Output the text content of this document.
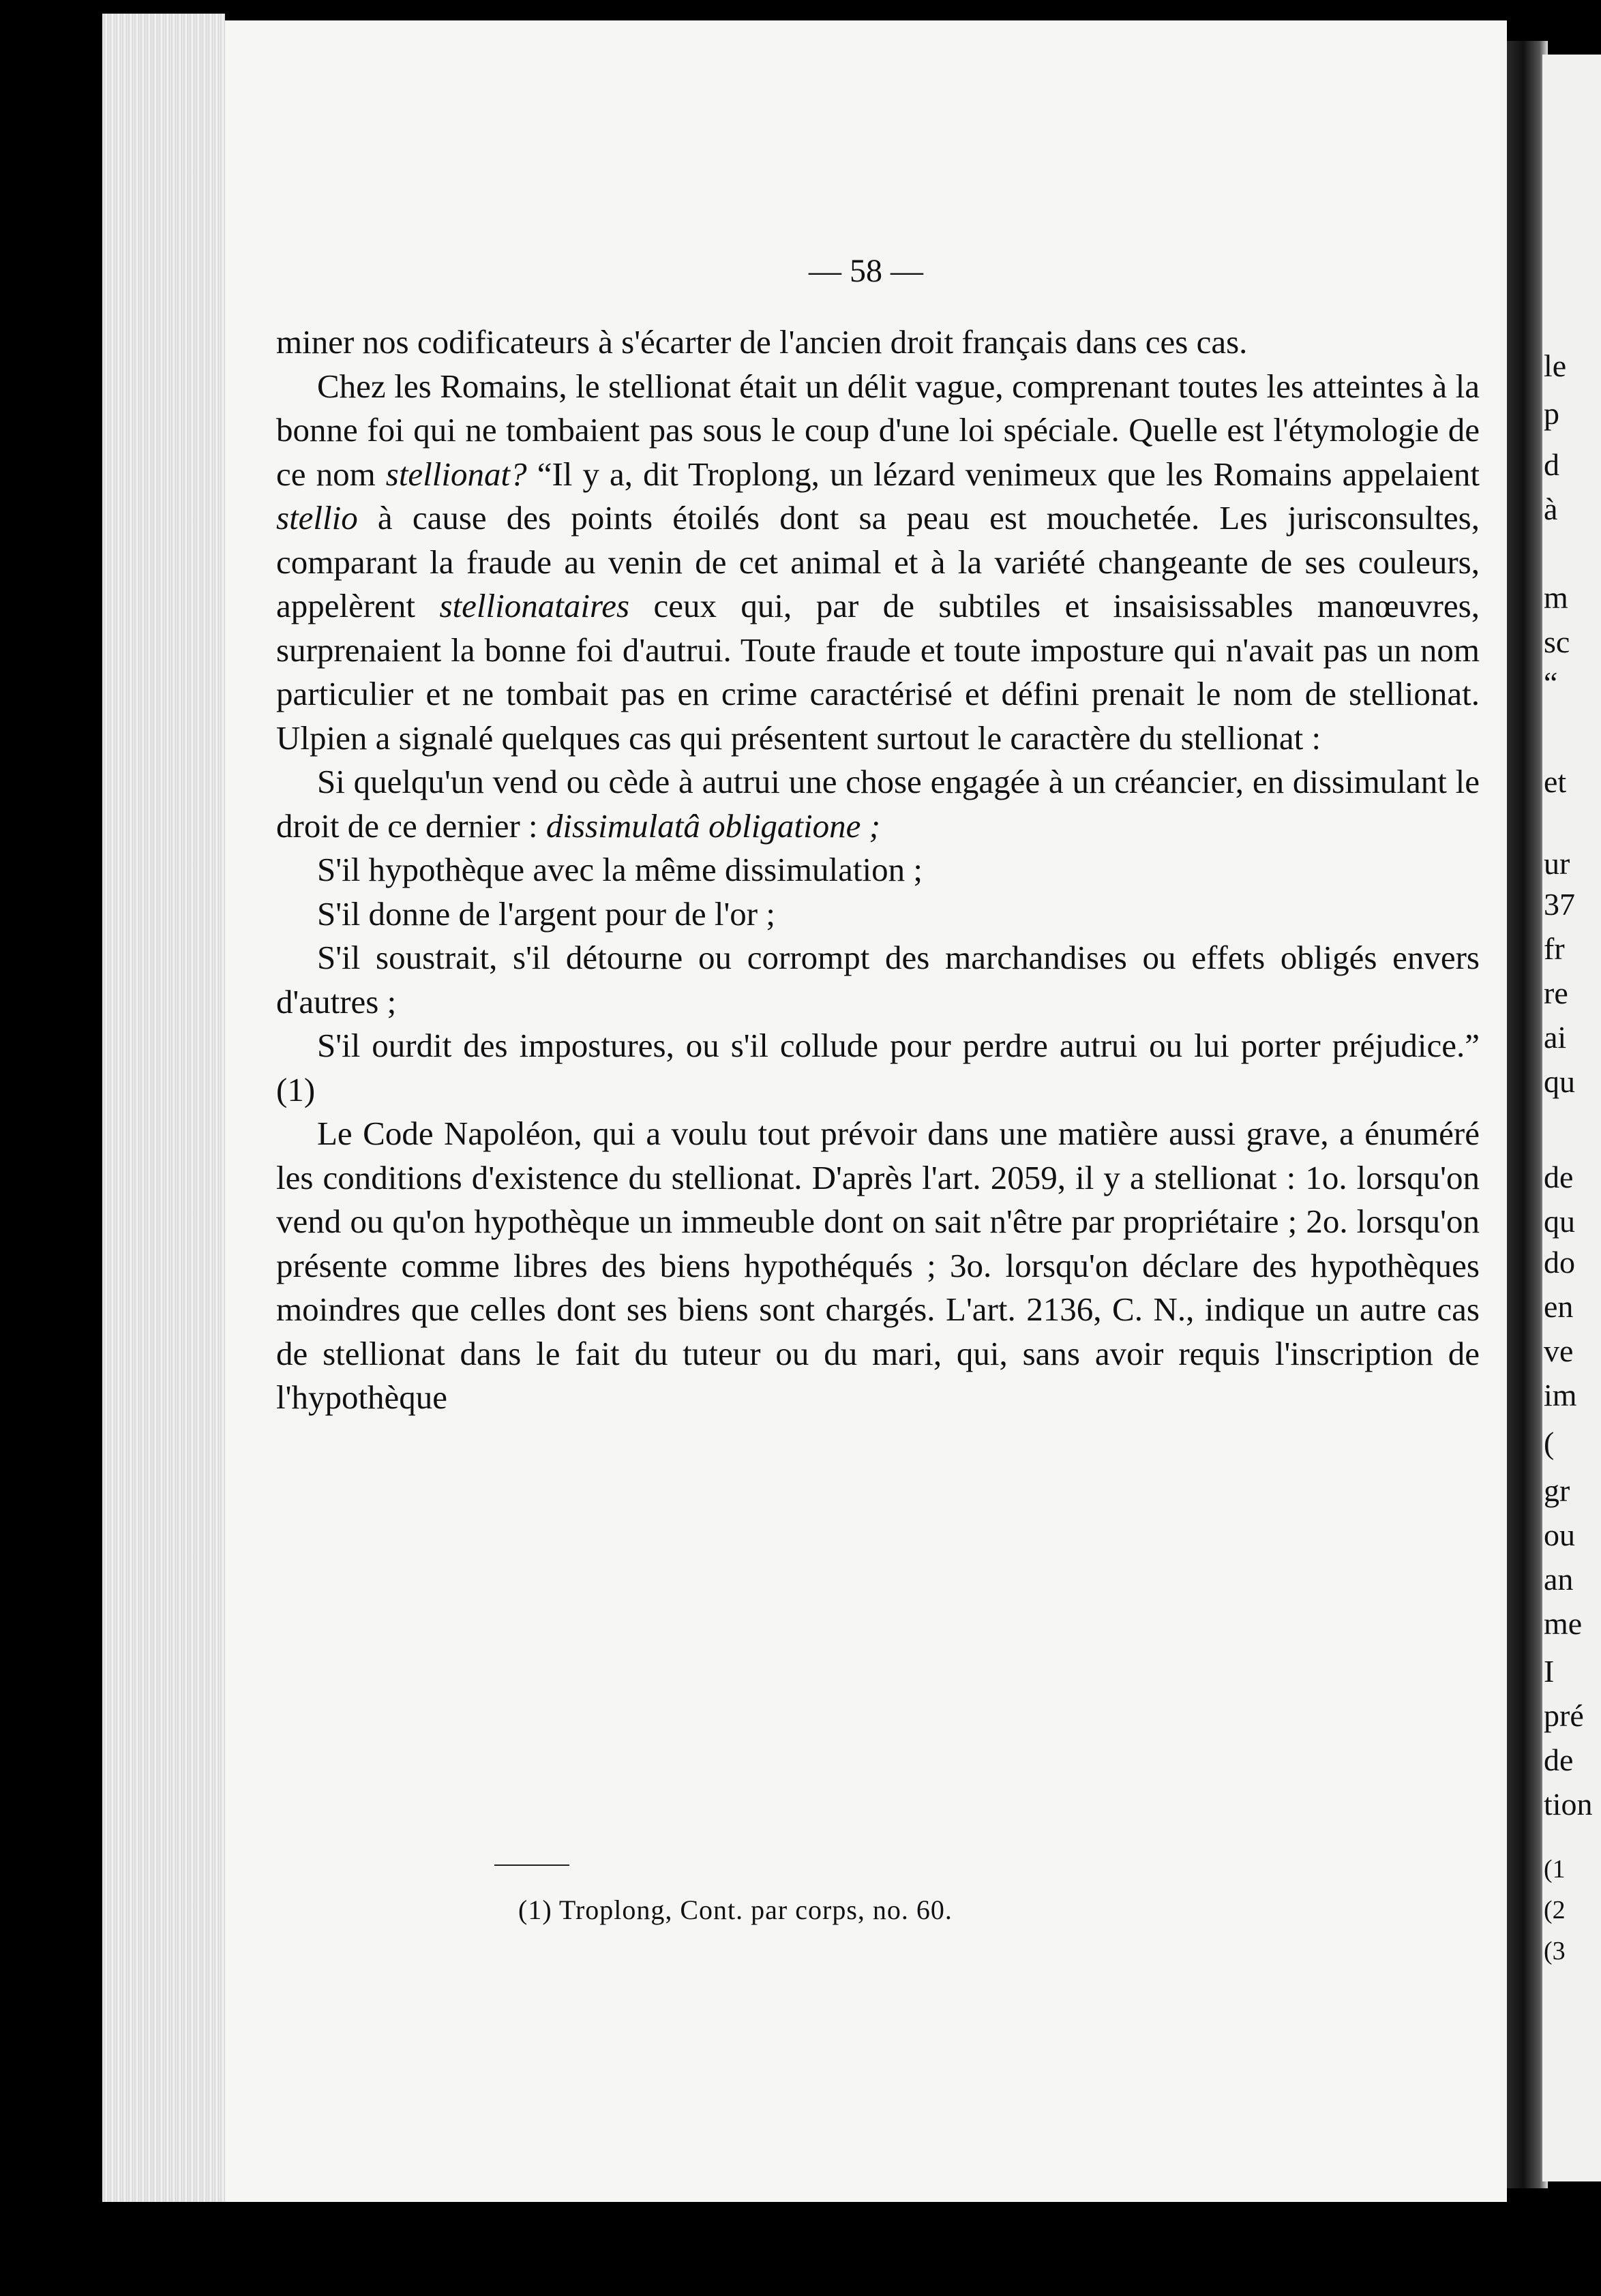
— 58 —

miner nos codificateurs à s'écarter de l'ancien droit français dans ces cas.

Chez les Romains, le stellionat était un délit vague, comprenant toutes les atteintes à la bonne foi qui ne tombaient pas sous le coup d'une loi spéciale. Quelle est l'étymologie de ce nom stellionat? “Il y a, dit Troplong, un lézard venimeux que les Romains appelaient stellio à cause des points étoilés dont sa peau est mouchetée. Les jurisconsultes, comparant la fraude au venin de cet animal et à la variété changeante de ses couleurs, appelèrent stellionataires ceux qui, par de subtiles et insaisissables manœuvres, surprenaient la bonne foi d'autrui. Toute fraude et toute imposture qui n'avait pas un nom particulier et ne tombait pas en crime caractérisé et défini prenait le nom de stellionat. Ulpien a signalé quelques cas qui présentent surtout le caractère du stellionat :

Si quelqu'un vend ou cède à autrui une chose engagée à un créancier, en dissimulant le droit de ce dernier : dissimulatâ obligatione ;

S'il hypothèque avec la même dissimulation ;

S'il donne de l'argent pour de l'or ;

S'il soustrait, s'il détourne ou corrompt des marchandises ou effets obligés envers d'autres ;

S'il ourdit des impostures, ou s'il collude pour perdre autrui ou lui porter préjudice.” (1)

Le Code Napoléon, qui a voulu tout prévoir dans une matière aussi grave, a énuméré les conditions d'existence du stellionat. D'après l'art. 2059, il y a stellionat : 1o. lorsqu'on vend ou qu'on hypothèque un immeuble dont on sait n'être par propriétaire ; 2o. lorsqu'on présente comme libres des biens hypothéqués ; 3o. lorsqu'on déclare des hypothèques moindres que celles dont ses biens sont chargés. L'art. 2136, C. N., indique un autre cas de stellionat dans le fait du tuteur ou du mari, qui, sans avoir requis l'inscription de l'hypothèque

(1) Troplong, Cont. par corps, no. 60.
le
p
d
à
m
sc
“
et
ur
37
fr
re
ai
qu
de
qu
do
en
ve
im
(
gr
ou
an
me
I
pré
de
tion
(1
(2
(3
